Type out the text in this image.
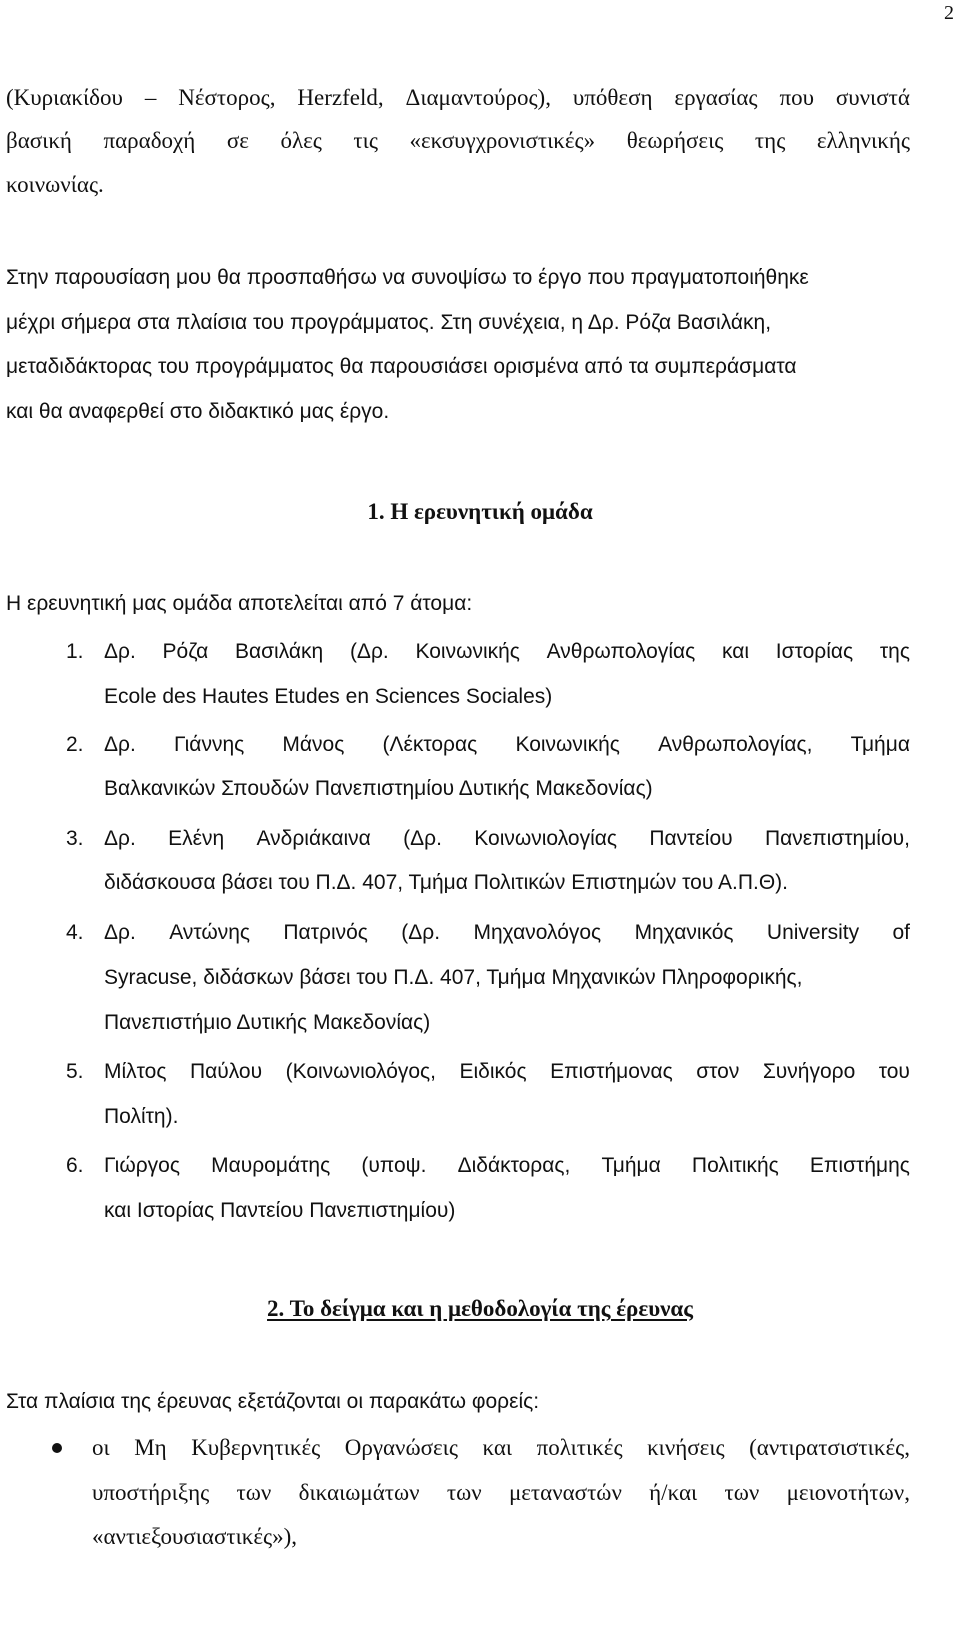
2
(Κυριακίδου – Νέστορος, Herzfeld, Διαμαντούρος), υπόθεση εργασίας που συνιστά
βασική παραδοχή σε όλες τις «εκσυγχρονιστικές» θεωρήσεις της ελληνικής
κοινωνίας.
Στην παρουσίαση μου θα προσπαθήσω να συνοψίσω το έργο που πραγματοποιήθηκε
μέχρι σήμερα στα πλαίσια του προγράμματος. Στη συνέχεια, η Δρ. Ρόζα Βασιλάκη,
μεταδιδάκτορας του προγράμματος θα παρουσιάσει ορισμένα από τα συμπεράσματα
και θα αναφερθεί στο διδακτικό μας έργο.
1. Η ερευνητική ομάδα
Η ερευνητική μας ομάδα αποτελείται από 7 άτομα:
1. Δρ. Ρόζα Βασιλάκη (Δρ. Κοινωνικής Ανθρωπολογίας και Ιστορίας της
Ecole des Hautes Etudes en Sciences Sociales)
2. Δρ. Γιάννης Μάνος (Λέκτορας Κοινωνικής Ανθρωπολογίας, Τμήμα
Βαλκανικών Σπουδών Πανεπιστημίου Δυτικής Μακεδονίας)
3. Δρ. Ελένη Ανδριάκαινα (Δρ. Κοινωνιολογίας Παντείου Πανεπιστημίου,
διδάσκουσα βάσει του Π.Δ. 407, Τμήμα Πολιτικών Επιστημών του Α.Π.Θ).
4. Δρ. Αντώνης Πατρινός (Δρ. Μηχανολόγος Μηχανικός University of
Syracuse, διδάσκων βάσει του Π.Δ. 407, Τμήμα Μηχανικών Πληροφορικής,
Πανεπιστήμιο Δυτικής Μακεδονίας)
5. Μίλτος Παύλου (Κοινωνιολόγος, Ειδικός Επιστήμονας στον Συνήγορο του
Πολίτη).
6. Γιώργος Μαυρομάτης (υποψ. Διδάκτορας, Τμήμα Πολιτικής Επιστήμης
και Ιστορίας Παντείου Πανεπιστημίου)
2. Το δείγμα και η μεθοδολογία της έρευνας
Στα πλαίσια της έρευνας εξετάζονται οι παρακάτω φορείς:
οι Μη Κυβερνητικές Οργανώσεις και πολιτικές κινήσεις (αντιρατσιστικές,
υποστήριξης των δικαιωμάτων των μεταναστών ή/και των μειονοτήτων,
«αντιεξουσιαστικές»),
